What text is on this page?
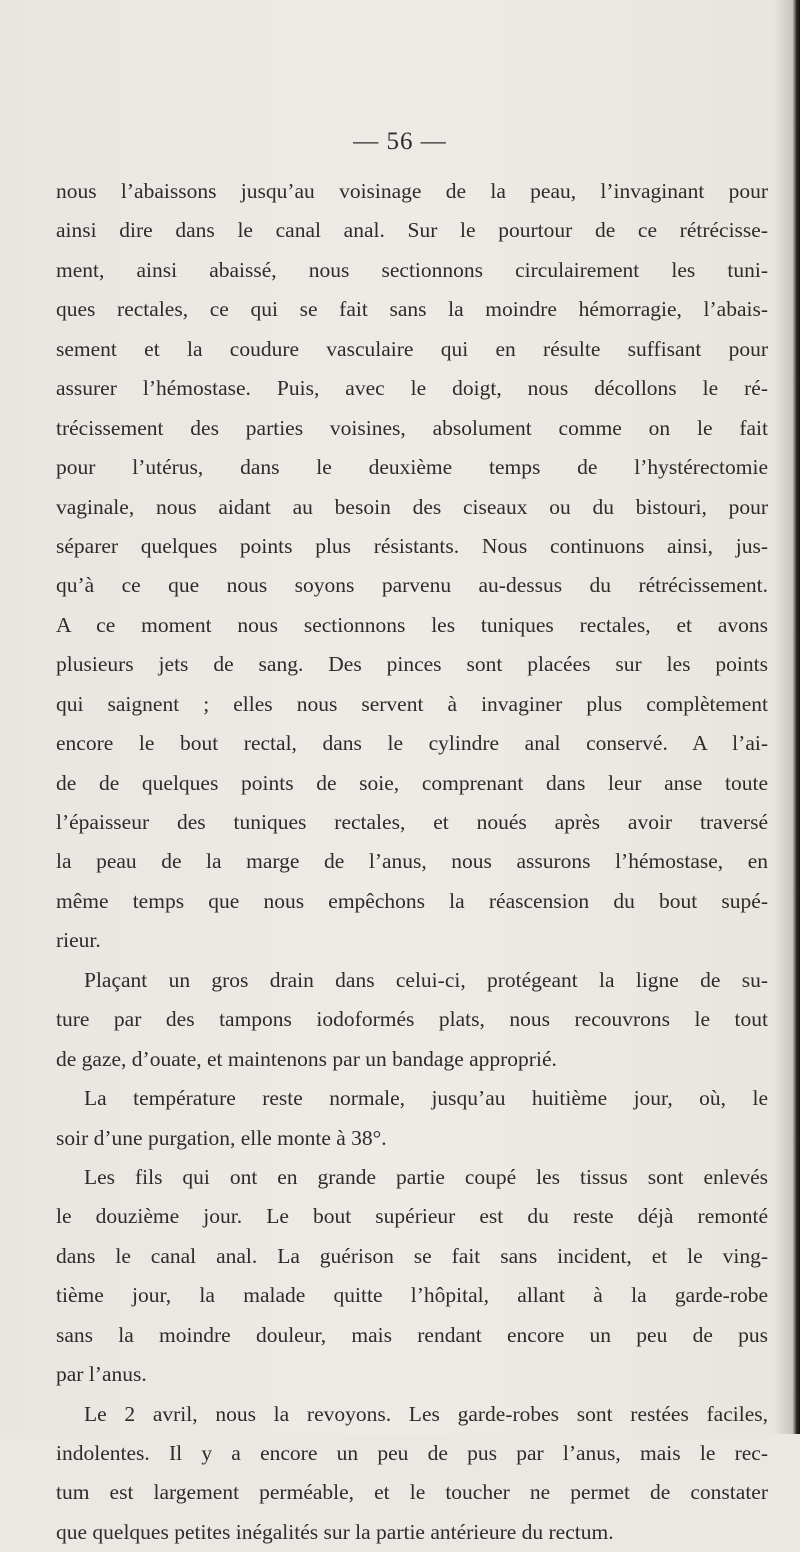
— 56 —

nous l’abaissons jusqu’au voisinage de la peau, l’invaginant pour
ainsi dire dans le canal anal. Sur le pourtour de ce rétrécisse-
ment, ainsi abaissé, nous sectionnons circulairement les tuni-
ques rectales, ce qui se fait sans la moindre hémorragie, l’abais-
sement et la coudure vasculaire qui en résulte suffisant pour
assurer l’hémostase. Puis, avec le doigt, nous décollons le ré-
trécissement des parties voisines, absolument comme on le fait
pour l’utérus, dans le deuxième temps de l’hystérectomie
vaginale, nous aidant au besoin des ciseaux ou du bistouri, pour
séparer quelques points plus résistants. Nous continuons ainsi, jus-
qu’à ce que nous soyons parvenu au-dessus du rétrécissement.
A ce moment nous sectionnons les tuniques rectales, et avons
plusieurs jets de sang. Des pinces sont placées sur les points
qui saignent ; elles nous servent à invaginer plus complètement
encore le bout rectal, dans le cylindre anal conservé. A l’ai-
de de quelques points de soie, comprenant dans leur anse toute
l’épaisseur des tuniques rectales, et noués après avoir traversé
la peau de la marge de l’anus, nous assurons l’hémostase, en
même temps que nous empêchons la réascension du bout supé-
rieur.
Plaçant un gros drain dans celui-ci, protégeant la ligne de su-
ture par des tampons iodoformés plats, nous recouvrons le tout
de gaze, d’ouate, et maintenons par un bandage approprié.
La température reste normale, jusqu’au huitième jour, où, le
soir d’une purgation, elle monte à 38°.
Les fils qui ont en grande partie coupé les tissus sont enlevés
le douzième jour. Le bout supérieur est du reste déjà remonté
dans le canal anal. La guérison se fait sans incident, et le ving-
tième jour, la malade quitte l’hôpital, allant à la garde-robe
sans la moindre douleur, mais rendant encore un peu de pus
par l’anus.
Le 2 avril, nous la revoyons. Les garde-robes sont restées faciles,
indolentes. Il y a encore un peu de pus par l’anus, mais le rec-
tum est largement perméable, et le toucher ne permet de constater
que quelques petites inégalités sur la partie antérieure du rectum.
